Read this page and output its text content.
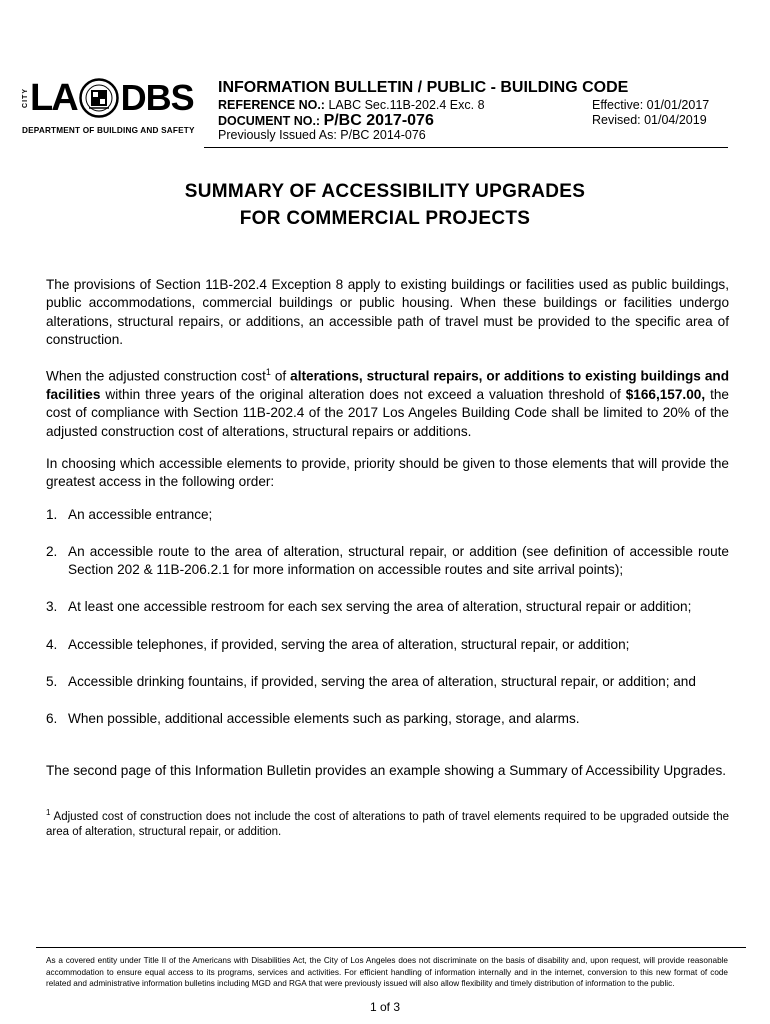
CITY LA DBS
DEPARTMENT OF BUILDING AND SAFETY
INFORMATION BULLETIN / PUBLIC - BUILDING CODE
REFERENCE NO.: LABC Sec.11B-202.4 Exc. 8	Effective: 01/01/2017
DOCUMENT NO.: P/BC 2017-076	Revised: 01/04/2019
Previously Issued As: P/BC 2014-076
SUMMARY OF ACCESSIBILITY UPGRADES
FOR COMMERCIAL PROJECTS

The provisions of Section 11B-202.4 Exception 8 apply to existing buildings or facilities used as public buildings, public accommodations, commercial buildings or public housing. When these buildings or facilities undergo alterations, structural repairs, or additions, an accessible path of travel must be provided to the specific area of construction.

When the adjusted construction cost$^1$ of alterations, structural repairs, or additions to existing buildings and facilities within three years of the original alteration does not exceed a valuation threshold of $166,157.00, the cost of compliance with Section 11B-202.4 of the 2017 Los Angeles Building Code shall be limited to 20% of the adjusted construction cost of alterations, structural repairs or additions.

In choosing which accessible elements to provide, priority should be given to those elements that will provide the greatest access in the following order:

1. An accessible entrance;
2. An accessible route to the area of alteration, structural repair, or addition (see definition of accessible route Section 202 & 11B-206.2.1 for more information on accessible routes and site arrival points);
3. At least one accessible restroom for each sex serving the area of alteration, structural repair or addition;
4. Accessible telephones, if provided, serving the area of alteration, structural repair, or addition;
5. Accessible drinking fountains, if provided, serving the area of alteration, structural repair, or addition; and
6. When possible, additional accessible elements such as parking, storage, and alarms.

The second page of this Information Bulletin provides an example showing a Summary of Accessibility Upgrades.

$^1$ Adjusted cost of construction does not include the cost of alterations to path of travel elements required to be upgraded outside the area of alteration, structural repair, or addition.

As a covered entity under Title II of the Americans with Disabilities Act, the City of Los Angeles does not discriminate on the basis of disability and, upon request, will provide reasonable accommodation to ensure equal access to its programs, services and activities. For efficient handling of information internally and in the internet, conversion to this new format of code related and administrative information bulletins including MGD and RGA that were previously issued will also allow flexibility and timely distribution of information to the public.
1 of 3
